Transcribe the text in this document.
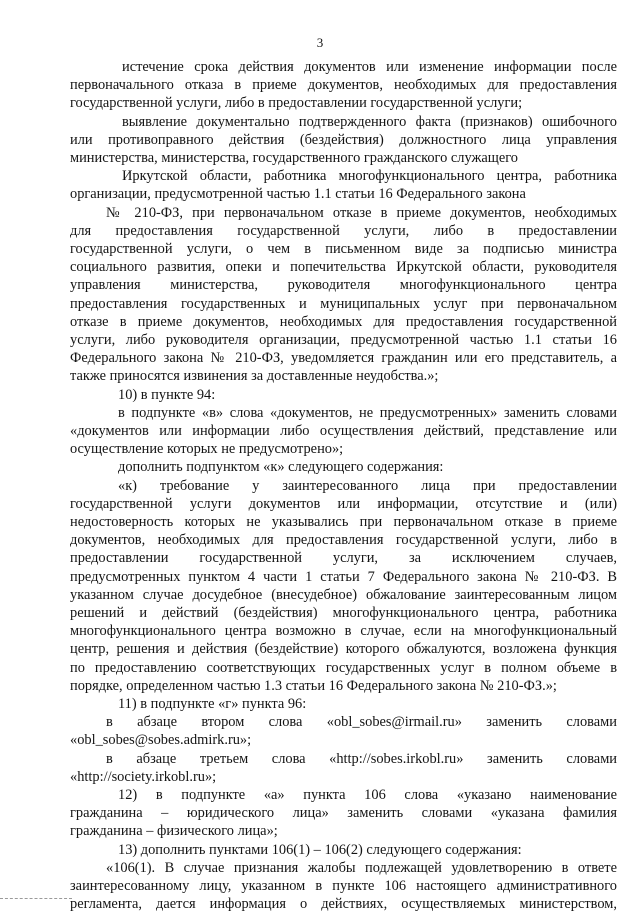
3
истечение срока действия документов или изменение информации после
первоначального отказа в приеме документов, необходимых для предоставления
государственной услуги, либо в предоставлении государственной услуги;
выявление документально подтвержденного факта (признаков) ошибочного
или противоправного действия (бездействия) должностного лица управления
министерства, министерства, государственного гражданского служащего
Иркутской области, работника многофункционального центра, работника
организации, предусмотренной частью 1.1 статьи 16 Федерального закона
№ 210-ФЗ, при первоначальном отказе в приеме документов, необходимых
для предоставления государственной услуги, либо в предоставлении
государственной услуги, о чем в письменном виде за подписью министра
социального развития, опеки и попечительства Иркутской области, руководителя
управления министерства, руководителя многофункционального центра
предоставления государственных и муниципальных услуг при первоначальном
отказе в приеме документов, необходимых для предоставления государственной
услуги, либо руководителя организации, предусмотренной частью 1.1 статьи 16
Федерального закона № 210-ФЗ, уведомляется гражданин или его представитель, а
также приносятся извинения за доставленные неудобства.»;
10) в пункте 94:
в подпункте «в» слова «документов, не предусмотренных» заменить словами
«документов или информации либо осуществления действий, представление или
осуществление которых не предусмотрено»;
дополнить подпунктом «к» следующего содержания:
«к) требование у заинтересованного лица при предоставлении
государственной услуги документов или информации, отсутствие и (или)
недостоверность которых не указывались при первоначальном отказе в приеме
документов, необходимых для предоставления государственной услуги, либо в
предоставлении государственной услуги, за исключением случаев,
предусмотренных пунктом 4 части 1 статьи 7 Федерального закона № 210-ФЗ. В
указанном случае досудебное (внесудебное) обжалование заинтересованным лицом
решений и действий (бездействия) многофункционального центра, работника
многофункционального центра возможно в случае, если на многофункциональный
центр, решения и действия (бездействие) которого обжалуются, возложена функция
по предоставлению соответствующих государственных услуг в полном объеме в
порядке, определенном частью 1.3 статьи 16 Федерального закона № 210-ФЗ.»;
11) в подпункте «г» пункта 96:
в абзаце втором слова «obl_sobes@irmail.ru» заменить словами
«obl_sobes@sobes.admirk.ru»;
в абзаце третьем слова «http://sobes.irkobl.ru» заменить словами
«http://society.irkobl.ru»;
12) в подпункте «а» пункта 106 слова «указано наименование
гражданина – юридического лица» заменить словами «указана фамилия
гражданина – физического лица»;
13) дополнить пунктами 106(1) – 106(2) следующего содержания:
«106(1). В случае признания жалобы подлежащей удовлетворению в ответе
заинтересованному лицу, указанном в пункте 106 настоящего административного
регламента, дается информация о действиях, осуществляемых министерством,
